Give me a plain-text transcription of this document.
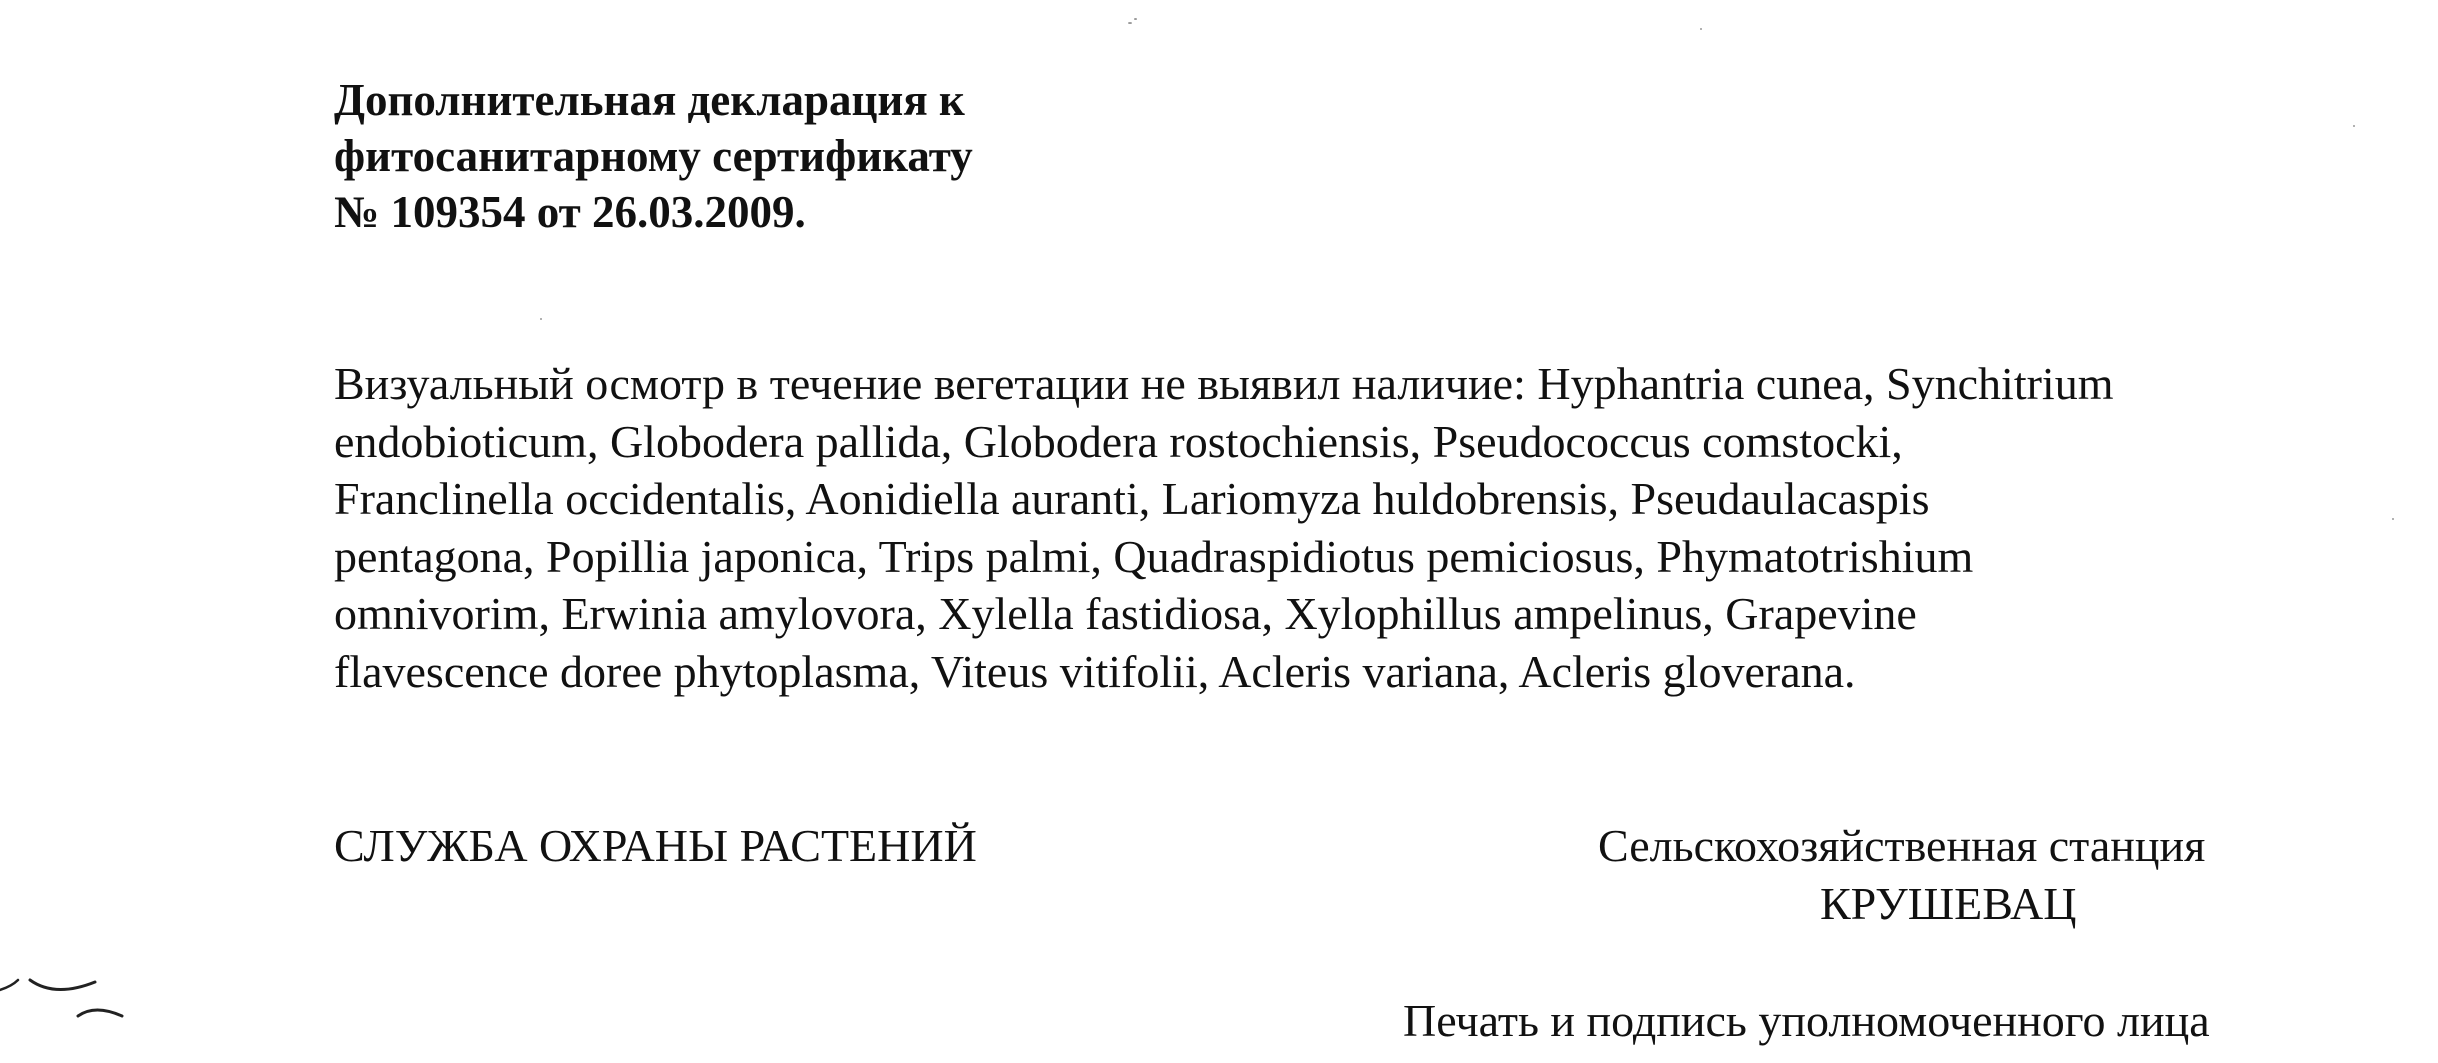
Дополнительная декларация к
фитосанитарному сертификату
№ 109354 от 26.03.2009.
Визуальный осмотр в течение вегетации не выявил наличие: Hyphantria cunea, Synchitrium
endobioticum, Globodera pallida, Globodera rostochiensis, Pseudococcus comstocki,
Franclinella occidentalis, Aonidiella auranti, Lariomyza huldobrensis, Pseudaulacaspis
pentagona, Popillia japonica, Trips palmi, Quadraspidiotus pemiciosus, Phymatotrishium
omnivorim, Erwinia amylovora, Xylella fastidiosa, Xylophillus ampelinus, Grapevine
flavescence doree phytoplasma, Viteus vitifolii, Acleris variana, Acleris gloverana.
СЛУЖБА ОХРАНЫ РАСТЕНИЙ	Сельскохозяйственная станция
КРУШЕВАЦ
Печать и подпись уполномоченного лица
